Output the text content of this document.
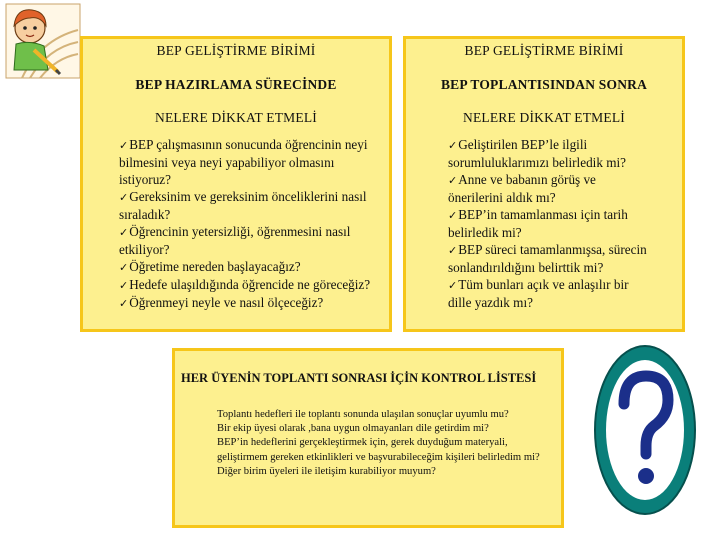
BEP GELİŞTİRME BİRİMİ
BEP HAZIRLAMA SÜRECİNDE
NELERE DİKKAT ETMELİ
✓ BEP çalışmasının sonucunda öğrencinin neyi bilmesini veya neyi yapabiliyor olmasını istiyoruz?
✓ Gereksinim ve gereksinim önceliklerini nasıl sıraladık?
✓ Öğrencinin yetersizliği, öğrenmesini nasıl etkiliyor?
✓ Öğretime nereden başlayacağız?
✓ Hedefe ulaşıldığında öğrencide ne göreceğiz?
✓ Öğrenmeyi neyle ve nasıl ölçeceğiz?
BEP GELİŞTİRME BİRİMİ
BEP TOPLANTISINDAN SONRA
NELERE DİKKAT ETMELİ
✓ Geliştirilen BEP’le ilgili sorumluluklarımızı belirledik mi?
✓ Anne ve babanın görüş ve önerilerini aldık mı?
✓ BEP’in tamamlanması için tarih belirledik mi?
✓ BEP süreci tamamlanmışsa, sürecin sonlandırıldığını belirttik mi?
✓ Tüm bunları açık ve anlaşılır bir dille yazdık mı?
HER ÜYENİN TOPLANTI SONRASI İÇİN KONTROL LİSTESİ
Toplantı hedefleri ile toplantı sonunda ulaşılan sonuçlar uyumlu mu?
Bir ekip üyesi olarak ,bana uygun olmayanları dile getirdim mi?
BEP’in hedeflerini gerçekleştirmek için, gerek duyduğum materyali, geliştirmem gereken etkinlikleri ve başvurabileceğim kişileri belirledim mi?
Diğer birim üyeleri ile iletişim kurabiliyor muyum?
